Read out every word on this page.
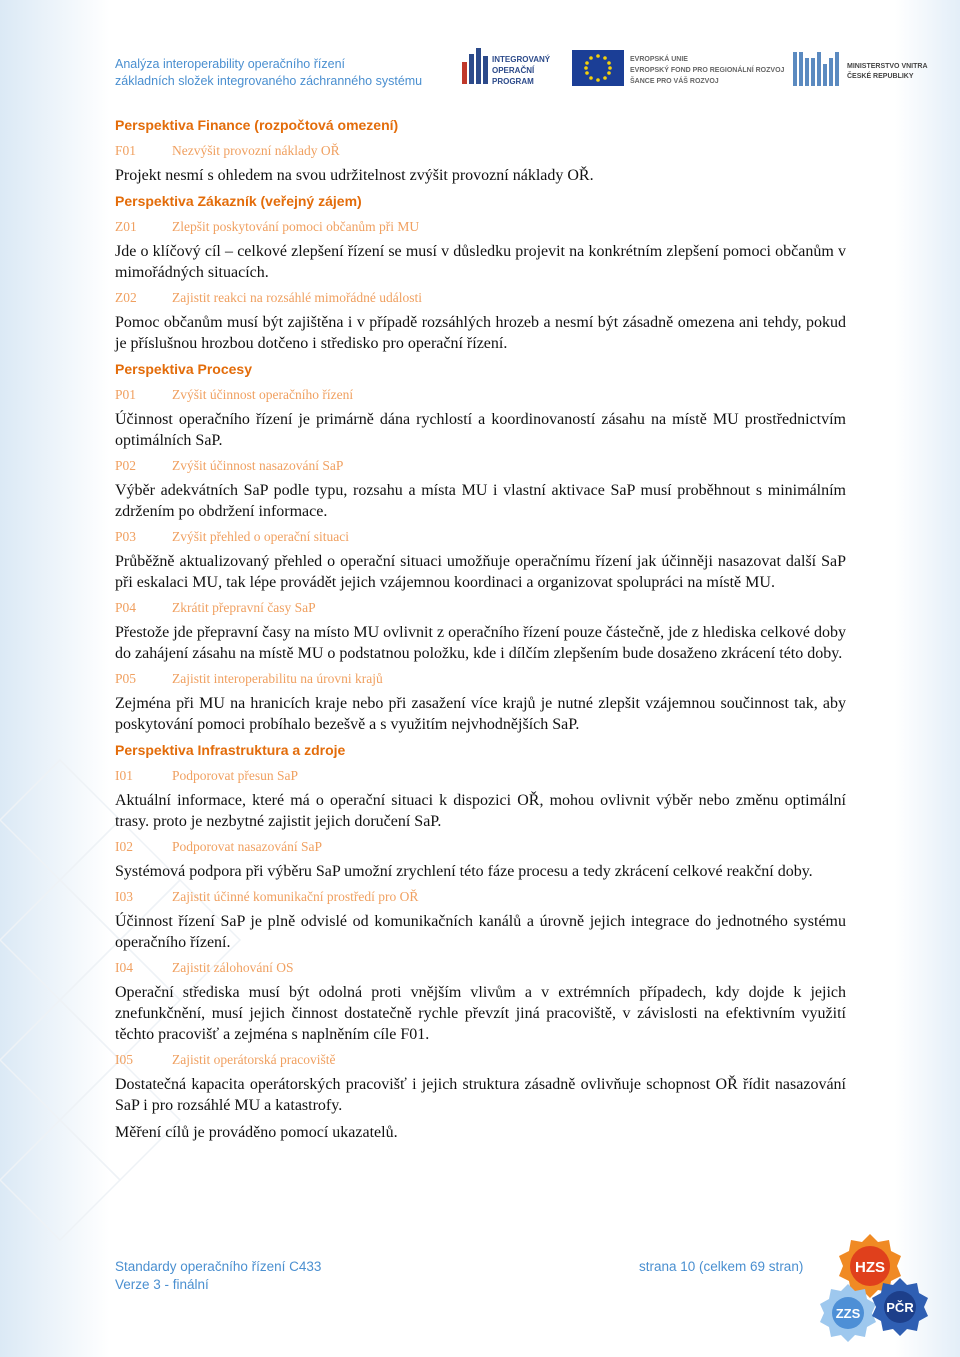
Analýza interoperability operačního řízení
základních složek integrovaného záchranného systému
INTEGROVANÝ
OPERAČNÍ
PROGRAM
EVROPSKÁ UNIE
EVROPSKÝ FOND PRO REGIONÁLNÍ ROZVOJ
ŠANCE PRO VÁŠ ROZVOJ
MINISTERSTVO VNITRA
ČESKÉ REPUBLIKY
Perspektiva Finance (rozpočtová omezení)
F01	Nezvýšit provozní náklady OŘ

Projekt nesmí s ohledem na svou udržitelnost zvýšit provozní náklady OŘ.

Perspektiva Zákazník (veřejný zájem)
Z01	Zlepšit poskytování pomoci občanům při MU

Jde o klíčový cíl – celkové zlepšení řízení se musí v důsledku projevit na konkrétním zlepšení pomoci občanům v mimořádných situacích.

Z02	Zajistit reakci na rozsáhlé mimořádné události

Pomoc občanům musí být zajištěna i v případě rozsáhlých hrozeb a nesmí být zásadně omezena ani tehdy, pokud je příslušnou hrozbou dotčeno i středisko pro operační řízení.

Perspektiva Procesy
P01	Zvýšit účinnost operačního řízení

Účinnost operačního řízení je primárně dána rychlostí a koordinovaností zásahu na místě MU prostřednictvím optimálních SaP.

P02	Zvýšit účinnost nasazování SaP

Výběr adekvátních SaP podle typu, rozsahu a místa MU i vlastní aktivace SaP musí proběhnout s minimálním zdržením po obdržení informace.

P03	Zvýšit přehled o operační situaci

Průběžně aktualizovaný přehled o operační situaci umožňuje operačnímu řízení jak účinněji nasazovat další SaP při eskalaci MU, tak lépe provádět jejich vzájemnou koordinaci a organizovat spolupráci na místě MU.

P04	Zkrátit přepravní časy SaP

Přestože jde přepravní časy na místo MU ovlivnit z operačního řízení pouze částečně, jde z hlediska celkové doby do zahájení zásahu na místě MU o podstatnou položku, kde i dílčím zlepšením bude dosaženo zkrácení této doby.

P05	Zajistit interoperabilitu na úrovni krajů

Zejména při MU na hranicích kraje nebo při zasažení více krajů je nutné zlepšit vzájemnou součinnost tak, aby poskytování pomoci probíhalo bezešvě a s využitím nejvhodnějších SaP.

Perspektiva Infrastruktura a zdroje
I01	Podporovat přesun SaP

Aktuální informace, které má o operační situaci k dispozici OŘ, mohou ovlivnit výběr nebo změnu optimální trasy. proto je nezbytné zajistit jejich doručení SaP.

I02	Podporovat nasazování SaP

Systémová podpora při výběru SaP umožní zrychlení této fáze procesu a tedy zkrácení celkové reakční doby.

I03	Zajistit účinné komunikační prostředí pro OŘ

Účinnost řízení SaP je plně odvislé od komunikačních kanálů a úrovně jejich integrace do jednotného systému operačního řízení.

I04	Zajistit zálohování OS

Operační střediska musí být odolná proti vnějším vlivům a v extrémních případech, kdy dojde k jejich znefunkčnění, musí jejich činnost dostatečně rychle převzít jiná pracoviště, v závislosti na efektivním využití těchto pracovišť a zejména s naplněním cíle F01.

I05	Zajistit operátorská pracoviště

Dostatečná kapacita operátorských pracovišť i jejich struktura zásadně ovlivňuje schopnost OŘ řídit nasazování SaP i pro rozsáhlé MU a katastrofy.

Měření cílů je prováděno pomocí ukazatelů.

Standardy operačního řízení C433
Verze 3 - finální
strana 10 (celkem 69 stran)	HZS
ZZS PČR
